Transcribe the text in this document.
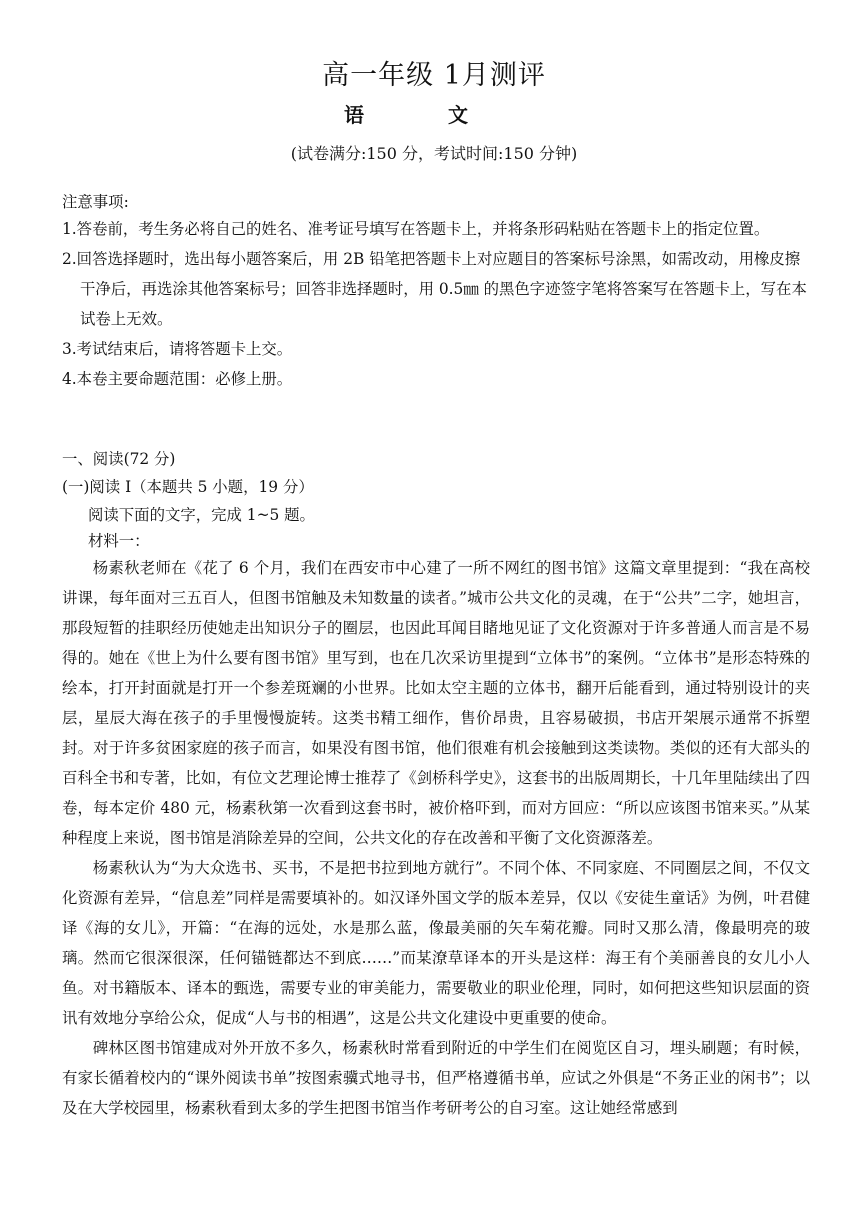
高一年级 1月测评
语	文
(试卷满分:150 分，考试时间:150 分钟)
注意事项:
1.答卷前，考生务必将自己的姓名、准考证号填写在答题卡上，并将条形码粘贴在答题卡上的指定位置。
2.回答选择题时，选出每小题答案后，用 2B 铅笔把答题卡上对应题目的答案标号涂黑，如需改动，用橡皮擦干净后，再选涂其他答案标号；回答非选择题时，用 0.5㎜ 的黑色字迹签字笔将答案写在答题卡上，写在本试卷上无效。
3.考试结束后，请将答题卡上交。
4.本卷主要命题范围：必修上册。
一、阅读(72 分)
(一)阅读 I（本题共 5 小题，19 分）
阅读下面的文字，完成 1~5 题。
材料一：

杨素秋老师在《花了 6 个月，我们在西安市中心建了一所不网红的图书馆》这篇文章里提到：“我在高校讲课，每年面对三五百人，但图书馆触及未知数量的读者。”城市公共文化的灵魂，在于“公共”二字，她坦言，那段短暂的挂职经历使她走出知识分子的圈层，也因此耳闻目睹地见证了文化资源对于许多普通人而言是不易得的。她在《世上为什么要有图书馆》里写到，也在几次采访里提到“立体书”的案例。“立体书”是形态特殊的绘本，打开封面就是打开一个参差斑斓的小世界。比如太空主题的立体书，翻开后能看到，通过特别设计的夹层，星辰大海在孩子的手里慢慢旋转。这类书精工细作，售价昂贵，且容易破损，书店开架展示通常不拆塑封。对于许多贫困家庭的孩子而言，如果没有图书馆，他们很难有机会接触到这类读物。类似的还有大部头的百科全书和专著，比如，有位文艺理论博士推荐了《剑桥科学史》，这套书的出版周期长，十几年里陆续出了四卷，每本定价 480 元，杨素秋第一次看到这套书时，被价格吓到，而对方回应：“所以应该图书馆来买。”从某种程度上来说，图书馆是消除差异的空间，公共文化的存在改善和平衡了文化资源落差。

杨素秋认为“为大众选书、买书，不是把书拉到地方就行”。不同个体、不同家庭、不同圈层之间，不仅文化资源有差异，“信息差”同样是需要填补的。如汉译外国文学的版本差异，仅以《安徒生童话》为例，叶君健译《海的女儿》，开篇：“在海的远处，水是那么蓝，像最美丽的矢车菊花瓣。同时又那么清，像最明亮的玻璃。然而它很深很深，任何锚链都达不到底……”而某潦草译本的开头是这样：海王有个美丽善良的女儿小人鱼。对书籍版本、译本的甄选，需要专业的审美能力，需要敬业的职业伦理，同时，如何把这些知识层面的资讯有效地分享给公众，促成“人与书的相遇”，这是公共文化建设中更重要的使命。

碑林区图书馆建成对外开放不多久，杨素秋时常看到附近的中学生们在阅览区自习，埋头刷题；有时候，有家长循着校内的“课外阅读书单”按图索骥式地寻书，但严格遵循书单，应试之外俱是“不务正业的闲书”；以及在大学校园里，杨素秋看到太多的学生把图书馆当作考研考公的自习室。这让她经常感到
